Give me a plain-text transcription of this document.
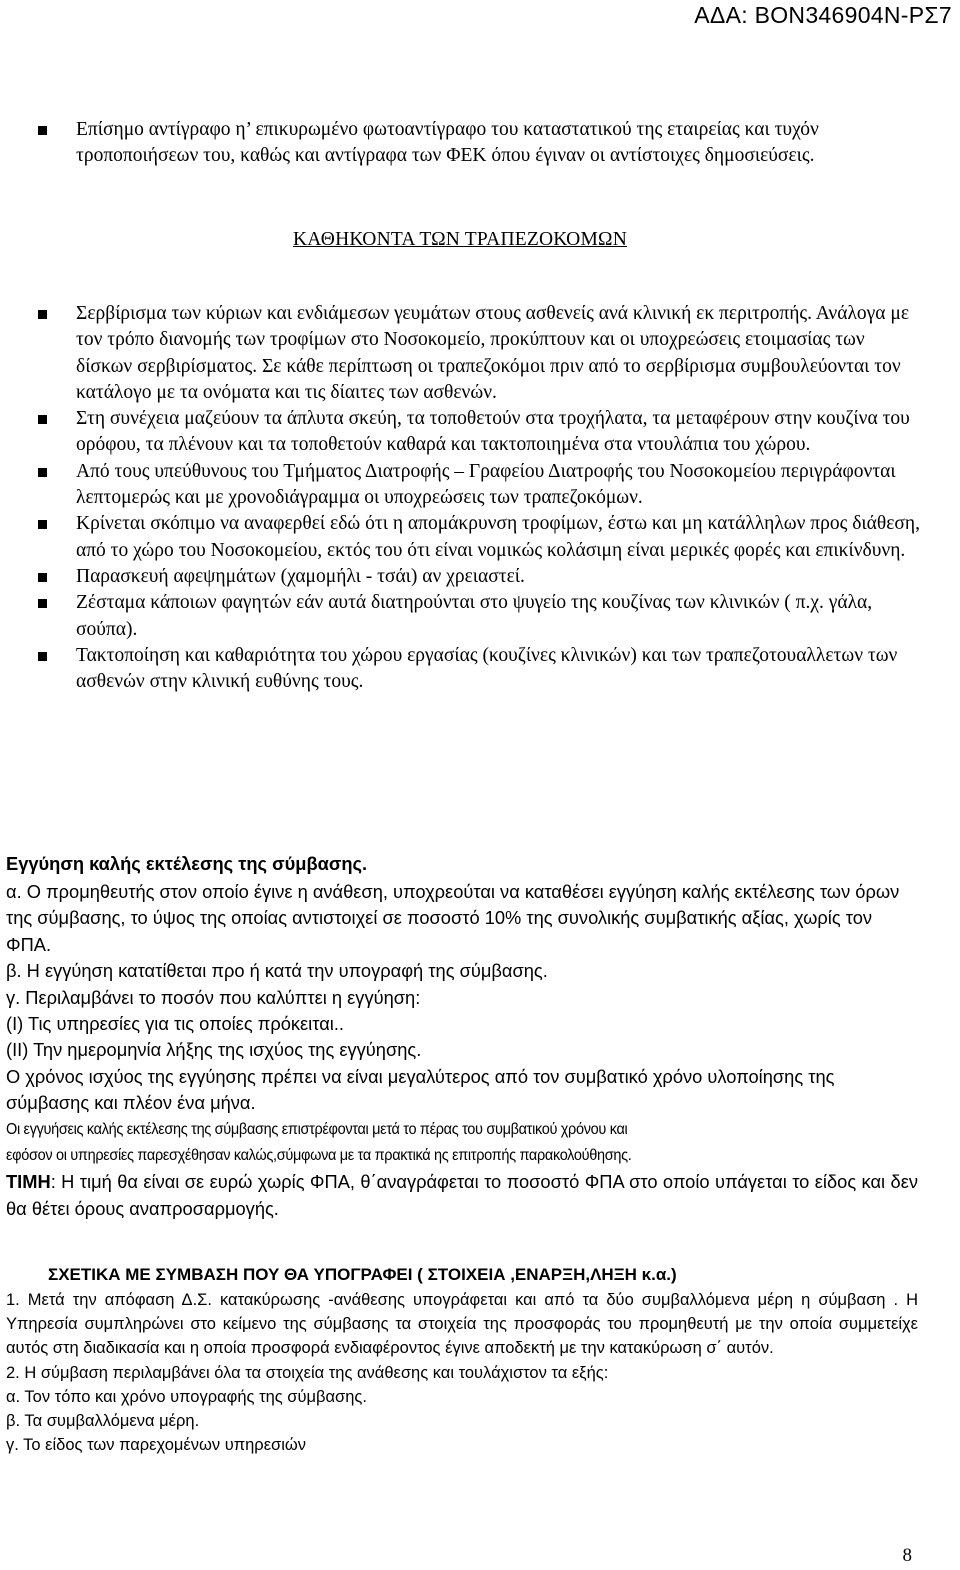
ΑΔΑ: ΒΟΝ346904Ν-ΡΣ7
Επίσημο αντίγραφο η’ επικυρωμένο φωτοαντίγραφο του καταστατικού της εταιρείας και τυχόν τροποποιήσεων του, καθώς και αντίγραφα των ΦΕΚ όπου έγιναν οι αντίστοιχες δημοσιεύσεις.
ΚΑΘΗΚΟΝΤΑ ΤΩΝ ΤΡΑΠΕΖΟΚΟΜΩΝ
Σερβίρισμα των κύριων και ενδιάμεσων γευμάτων στους ασθενείς ανά κλινική εκ περιτροπής. Ανάλογα με τον τρόπο διανομής των τροφίμων στο Νοσοκομείο, προκύπτουν και οι υποχρεώσεις ετοιμασίας των δίσκων σερβιρίσματος. Σε κάθε περίπτωση οι τραπεζοκόμοι πριν από το σερβίρισμα συμβουλεύονται τον κατάλογο με τα ονόματα και τις δίαιτες των ασθενών.
Στη συνέχεια μαζεύουν τα άπλυτα σκεύη, τα τοποθετούν στα τροχήλατα, τα μεταφέρουν στην κουζίνα του ορόφου, τα πλένουν και τα τοποθετούν καθαρά και τακτοποιημένα στα ντουλάπια του χώρου.
Από τους υπεύθυνους του Τμήματος Διατροφής – Γραφείου Διατροφής του Νοσοκομείου περιγράφονται λεπτομερώς και με χρονοδιάγραμμα οι υποχρεώσεις των τραπεζοκόμων.
Κρίνεται σκόπιμο να αναφερθεί εδώ ότι η απομάκρυνση τροφίμων, έστω και μη κατάλληλων προς διάθεση, από το χώρο του Νοσοκομείου, εκτός του ότι είναι νομικώς κολάσιμη είναι μερικές φορές και επικίνδυνη.
Παρασκευή αφεψημάτων (χαμομήλι - τσάι) αν χρειαστεί.
Ζέσταμα κάποιων φαγητών εάν αυτά διατηρούνται στο ψυγείο της κουζίνας των κλινικών ( π.χ. γάλα, σούπα).
Τακτοποίηση και καθαριότητα του χώρου εργασίας (κουζίνες κλινικών) και των τραπεζοτουαλλετων των ασθενών στην κλινική ευθύνης τους.

Εγγύηση καλής εκτέλεσης της σύμβασης.

α. Ο προμηθευτής στον οποίο έγινε η ανάθεση, υποχρεούται να καταθέσει εγγύηση καλής εκτέλεσης των όρων της σύμβασης, το ύψος της οποίας αντιστοιχεί σε ποσοστό 10% της συνολικής συμβατικής αξίας, χωρίς τον ΦΠΑ.

β. Η εγγύηση κατατίθεται προ ή κατά την υπογραφή της σύμβασης.

γ. Περιλαμβάνει το ποσόν που καλύπτει η εγγύηση:

(Ι) Τις υπηρεσίες για τις οποίες πρόκειται..

(ΙΙ) Την ημερομηνία λήξης της ισχύος της εγγύησης.

Ο χρόνος ισχύος της εγγύησης πρέπει να είναι μεγαλύτερος από τον συμβατικό χρόνο υλοποίησης της σύμβασης και πλέον ένα μήνα.

Οι εγγυήσεις καλής εκτέλεσης της σύμβασης επιστρέφονται μετά το πέρας του συμβατικού χρόνου και

εφόσον οι υπηρεσίες παρεσχέθησαν καλώς,σύμφωνα με τα πρακτικά ης επιτροπής παρακολούθησης.

ΤΙΜΗ: Η τιμή θα είναι σε ευρώ χωρίς ΦΠΑ, θ΄αναγράφεται το ποσοστό ΦΠΑ στο οποίο υπάγεται το είδος και δεν θα θέτει όρους αναπροσαρμογής.

ΣΧΕΤΙΚΑ ΜΕ ΣΥΜΒΑΣΗ ΠΟΥ ΘΑ ΥΠΟΓΡΑΦΕΙ ( ΣΤΟΙΧΕΙΑ ,ΕΝΑΡΞΗ,ΛΗΞΗ κ.α.)

1. Μετά την απόφαση Δ.Σ. κατακύρωσης -ανάθεσης υπογράφεται και από τα δύο συμβαλλόμενα μέρη η σύμβαση . Η Υπηρεσία συμπληρώνει στο κείμενο της σύμβασης τα στοιχεία της προσφοράς του προμηθευτή με την οποία συμμετείχε αυτός στη διαδικασία και η οποία προσφορά ενδιαφέροντος έγινε αποδεκτή με την κατακύρωση σ΄ αυτόν.

2. Η σύμβαση περιλαμβάνει όλα τα στοιχεία της ανάθεσης και τουλάχιστον τα εξής:

α. Τον τόπο και χρόνο υπογραφής της σύμβασης.

β. Τα συμβαλλόμενα μέρη.

γ. Το είδος των παρεχομένων υπηρεσιών

8
